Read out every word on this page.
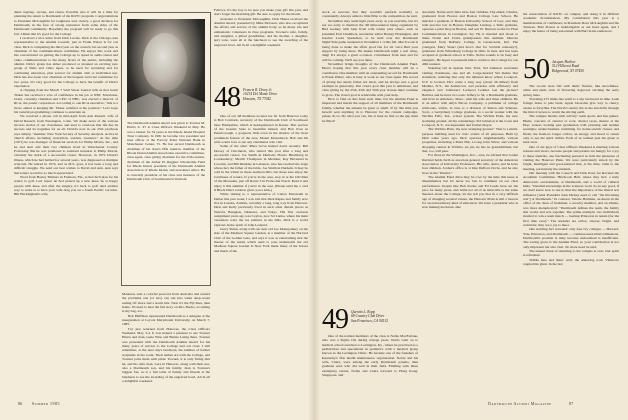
dents regroup, recoup, and renew. Possibly also it will be a time for planning the return to Dartmouth of the ROTC program. Congratulations to President McLaughlin for toughness and, clearly, a good decision for Dartmouth, in the face of strong resistance from some sides of the Dartmouth community. Hopefully the program will be ready to go this fall. I think that it's good for the College.

I received a nice letter from Dick Lucius. Dick is the Chicago-area representative to the Alumni Council, just as Frank Weber is for our class. Dick is completing his third year on the council, his second year as chairman of the communications committee. He enjoys this work and has concentrated on getting the College up to speed in audio-visual and video communications to the many facets of the public, including the alumni. Dick's group has either produced or planned an exciting new group of films and video tapes, to be used for recruiting and for continuing education, plus several for alumni club or individual use. Dick has also been vice chairman of the bequest and trust committee for two years. It's very good for the College to have the benefit of Dick's experience.

A clipping from the March 7 Wall Street Journal tells us that Grant Tinker has received a vote of confidence in his job at NBC Television. Grant, currently chairman and CEO of NBC, was elected a director of RCA, the parent corporation. According to one RCA executive, "this is a move aimed at keeping Mr. Tinker satisfied at his position." Let's hope his tasteful programming continues to entertain us.

We received a phone call in mid-April from Ann Russell, wife of David Russell, from Newington, Conn. We make news of the various success stories of our classmates, and tend to overlook that life has its success and its tragedies for us all. David's note in our 25th yearbook says simply, "member, New York Society of Security Analysts. Active in church affairs, including vestryman, warden, treasurer." At the time (1971) he was manager of financial services for Philip Morris, Inc., and he and Ann and their two children lived in Westchester County. Following this he was promoted to assistant treasurer at Philip Morris, certainly the mark of a successful career. However, in 1972 David's illness, which he had battled for several years, was diagnosed as multiple sclerosis. He retired in 1974, and as M.S. goes, it has been a long and difficult struggle. We send our best wishes to David and Ann. Ann says that letters would be so much appreciated.

Word from Harley Timbers in Fremont, Fla., is that he'll plan for his return to golf. Last report he had picked up a new knee, he is happy people with knee, and after the surgery, it's back to golf. And another way to retire is to have your wife drag you on a South Pacific vacation. Bill Buckingham's wife,

The Dartmouth Alumni Award was given to Townes M. Harris Jr. '47 at Class Officers Weekend in May. He was a banker for 34 years at the Rhode Island Hospital Trust Company. In 1981 he became vice president and trust officer at the Factory Point National Bank in Manchester Center, Vt. He has served Dartmouth as chairman of his class's fifth reunion, member of the Rhode Island Alumni Association executive committee, class agent, class giving chairman for the 25th reunion, chairman of the Arthur H. Ruggles Scholarship Fund for Rhode Island, president of the Dartmouth Alumni Association of Rhode Island, and newsletter editor. He is currently president of his class and treasurer of the Dartmouth Club of Southwestern Vermont.

Maureen, sent a colorful postcard from Australia and related the problems one (or two) can run into when deep-ocean sailing off shore and a storm hits. Next it's the Fiji Isles, then home. I'll need to hear the full story on this, Bucko, as sailing is my bag, too.

Bob Huffman represented Dartmouth as a delegate at the inauguration at Loyola Marymount University, on March 7, 1985.

I've just returned from Hanover, the Class Officers Weekend, May 3-4. It was indeed a pleasure to see Townes Harris and Jean, Gene Wise and Bernie Lustig there. Townes was presented with the Dartmouth Alumni Award for his many years of service to the College and our class. I still remember, at the next day's luncheon, the number of former recipients in the room. Their names are with the College, and Townes joins them with pride. Townes, it is only fitting that he, and his wife Jean, were in Hanover, along with their son, also a Dartmouth son, and his family. Jean is Townes's biggest fan, as is a full table of family and friends at the luncheon to see the awarding of the engraved bowl. All in all a delightful weekend.

Fellows. It's my boy to be sure you make your gift this year, and don't forget the matching gift. Be sure to apply for the match.

Assistant to President McLaughlin, Dick Hanes received the Alumni Award, presented by Mike McGean, who also recognized the efforts and service of the alumni body, as he many ads and enthusiastic volunteers in class programs. Townes's wife, family, and daughter, a gifted grandfather, and his mother, a daughter, spry sons, were all at the luncheon to see the awarding of the engraved bowl. All in all a delightful weekend.

48 Francis R. Drury Jr.
10214 Del Monte Drive
Houston, TX 77042

One of our '48 members located not far from Hanover today is Bob Cormack, secretary of the Dartmouth Club of Southwest New Hampshire, which is headquartered in Keene. This portion of the Granite State is beautiful indeed, and Bob lives in Peterborough, a gorgeous little town in the shadow of the most prominent feature of the area, Mount Monadnock. Bob and his wife would love to see any classmates who visit.

Some of the other '48ers we've hunted down recently: Bill Dorsey of Cincinnati, who retired this year after a long and successful career; Joe Smith in Durham; Howie Hinchberg in Londonderry; Merrill Thompson in Meriden; Ray Heveland in Laconia; and Bill Dunklee in Lebanon, who has reached the stage where he's the father of the bride. Joe Smith in Durham. It may be cold in the winter in these northern hills, but those sure enjoy the loveliness of nature. If you're in the area, stop in at the Old Man of the Mountain, just off Route 3 in Franconia Notch. Read it and enjoy it this summer if you're in the area. (Phone send me a card if Black Dan's rotation gives you a kick.)

While talking to a representative of Caltex Petroleum in Dallas this past week, I was told that Dick Repko and family now live in Lusaka, Zambia, certainly a long, long way from Hanover. Dick and Kelly previously lived in such other distant places as Nairobi, Bangkok, Okinawa, and Tokyo. His first overseas assignment years ago was Ceylon, now Sri Lanka, where his main customers were the tea planters in the hills. Dick is a world explorer in the spirit of John Ledyard.

Gerry Shinn, along with our dear old Joe Montgomery on the side of the Madison Square Garden, is a member of the Harvard Club of the Golden Gate, and says it was as entertaining that the theater of the teams which used to pass underneath the old Madison Square Garden in New York made many of the horses and much of the

86 Summer 1985

stock as nervous that they wouldn't perform normally or consistently. Always added a little fillip to the competition, he said.

November may seem light years away as you read this, but it's not too early to mention the '48 mini-reunion being organized by Bud Gedney with help from wife Ginny plus others, such as president Earl Chambers, newsletter editor Barney Hoisington, and hotelier Loren Spademan, to be held over the Dartmouth Night/Yale game weekend at November 1-3 this fall. Much work is being done to make the affair good fun for all. Give Bud your support by being there. He makes Dartmouth night a real wing-ding! It's always a great occasion. Classmates from near and far will be coming. We'll see you there.

November brings thoughts of the Dartmouth Alumni Fund. Here's hoping that this year every class member will be a contributor. One member with an outstanding record for Dartmouth is Frank Weber, who is busy at work as our class agent. His record of giving has surely fallen not short, and he always sets a good example in generosity. Our class's goal this year is ambitious, and class giving by the 25th, 45th and 50th year classes must continue to grow. The class's goal is achievable with your help.

How to find on this fund each time, but the Alumni Fund is important and merits the support of all members of the Dartmouth family, whether the amount be great or small. If by this time you haven't sent anything in to Hanover for the current campaign, please do so. Do what you can, but at least do that so the gap must be filled!

49 Quentin L. Kopp
68 Country Club Drive
San Francisco, CA 94132

One of the noblest members of the class is Noble MacFarlane, who was a Sigma Chi during college years. Noble went on to medical school and then to Lexington, Ky., where he practiced as a pediatrician and specialized in pediatrics with a medical group known as the Lexington Clinic. He became one of the founders of Kentucky's first health maintenance organization. Noble and his wife, Claire, were among the early Dartmouth parents, then graduate sons who did well in their field. Fiddling with these exemplary events, Noble and Claire traveled to Hong Kong, Singapore, and

Australia. Noble and Claire have four children. The eldest, Charles, graduated from Boston and Boston College Law School. He married a graduate of Boston University School of Law, and they both practice law in Boston. Daughter Lindsay, a Tufts graduate, operates a print shop in Boston, and son W. Duncan works for Host Communications in Lexington, Ky. He is married and about to make Noble and Claire grandparents this summer. Duncan graduated from DePauw College in Greencastle, Ind. The youngest, Mary Stuart (and how's that for Scottish rebeauty?), graduates from Wittenberg College in Ohio in June and has been accepted at graduate school at Tufts. Noble sounds to be busy and energetic. He hopes to persuade him to return to the College for our 40th reunion.

Standing tall in upstate New York, Sid Johnston welcomes visiting classmates, one and all. Large-hearted Sid makes that statement, realizing that only the initiated know where Lockport, N.Y. is located. He's come a long way (about 20 miles!) from Medina, N.Y., his hometown, and presides with efficiency and elegance over Johnston's Lockport Leather. Get the picture? Barbara and he have two sons: Jeffery is 34, a Dartmouth graduate, and lives in Attleboro, Mass., with his wife and three children. He is an editor with Allyn Bacon Company, a publisher of college textbooks, which, in turn, is a division of Simon and Schuster. Scott, a Gettysburg College graduate, is a social worker with the Wichita Falls, Tex., school system. The Wichita Plain, my new stomping ground, all my wanderings. Sid Johnston is the Cook and Lockport, N.Y., correspondent and former mayor.

The Wichita Plain, my new stomping ground." That is a multi-purpose building used for civic events of all purposes. Built by Dick some years ago. Dick operates singlehandedly various properties, including a Pizza Hut, a Long John Silver, and various shopping centers in Wichita. As yet, he has no grandchildren, but that, too, will pass.

For those in the Washington, D.C., area, be advised that Jordan Kurland holds forth as associate general secretary of the American Association of University Professors. His wife, Anita, and he have four children. Jordan's office is at One DuPont Circle, and he also lives in the "District."

The Alumni Fund drive may be over by the time this issue is disseminated, but it's never too late to comment on our class performance. People like Bob Rooke and Ed Leede have set the pace for many years, and while not all of us subscribe to the same theories about the College, let me tell you that in a very difficult age of changing societal values, the Hanover Plain is still a beacon for an extraordinary kind of education. We have a president who is now making decisions, like

the resuscitation of ROTC on campus, and doing it in difficult academic circumstances. My contribution this year is a manifestation of confidence in President Dave McLaughlin and the Trustees. Burt Prouse is indefatigable as our head agent, and I enjoy the honor of being associated with Burt in his endeavors.

50 Jacques Harlow
512 Hillcrest Road
Ridgewood, NJ 07450

The woods were full with them: flurries, like snowflakes, white and pink; riots of flowering dogwood catching the early spring rains.

Traveling 275 miles due north is a trip backward in time. Lush foliage fades to pale buds. Apple blossoms give way to cherry, azalea to forsythia. The North Country sits as the sun drifts through the hint of leaves to warm the stirring earth.

The campus bustles with activity: team sports and fun games. Hums, concerts of classics or rock, chariot races, theater at the Hop; seniors looking past graduation with yearning and sudden nostalgia; underclassmen cramming for home-stretch classes and finals; the fresh-no longer callow, an energy, and mood to return only to see the spirit within. Each of us walked past the green at least once.

One of our guys of Class Officers Weekend is meeting various notions and views, because people and parents are hungry for a joy to these students, one fascinating personal as both the pleasures of visiting the Hanover Plain. We were particularly struck by the bright, intelligent and good-natured that, at the time, came to the meeting, particularly the students.

Our meeting with the Council and Dick Paul, for Revised the Academic Committee. Hitchcock Hall, where they live: a truly democratic environment, at Dartmouth, and a world of cultural hints. "Detailed knowledge in the sciences won't do us any good, if we don't know how to use it; thus the importance of the liberal arts influence [what President John Dickey used to call "the liberating arts"] at Dartmouth." In contrast, Valerie Hartman, an intern in the office of the dean of freshmen, a sorority member, and an athlete, was more metaphorical: "Dartmouth defines the team, the family that works and acts together. The prime example: two individuals molded to win a team match — beating Princeton in tennis (for the first time ever)." The students are active, sincere, bright, and articulate; they are a joy to meet.

One startling fact revealed: only four Ivy colleges — Harvard, Yale, Princeton, and Dartmouth — continue need-blind admissions. Dartmouth's position is risky because endowment is insufficient. The saving grace is the Alumni Fund, so your contribution is not only important but also vital. No more need be said.

The annual ritual of returning to the campus is over. Our spirit is refreshed.

Tidbits here and there: well, the underdog won: Villanova toppled the giant. In the last

Dartmouth Alumni Magazine	87
